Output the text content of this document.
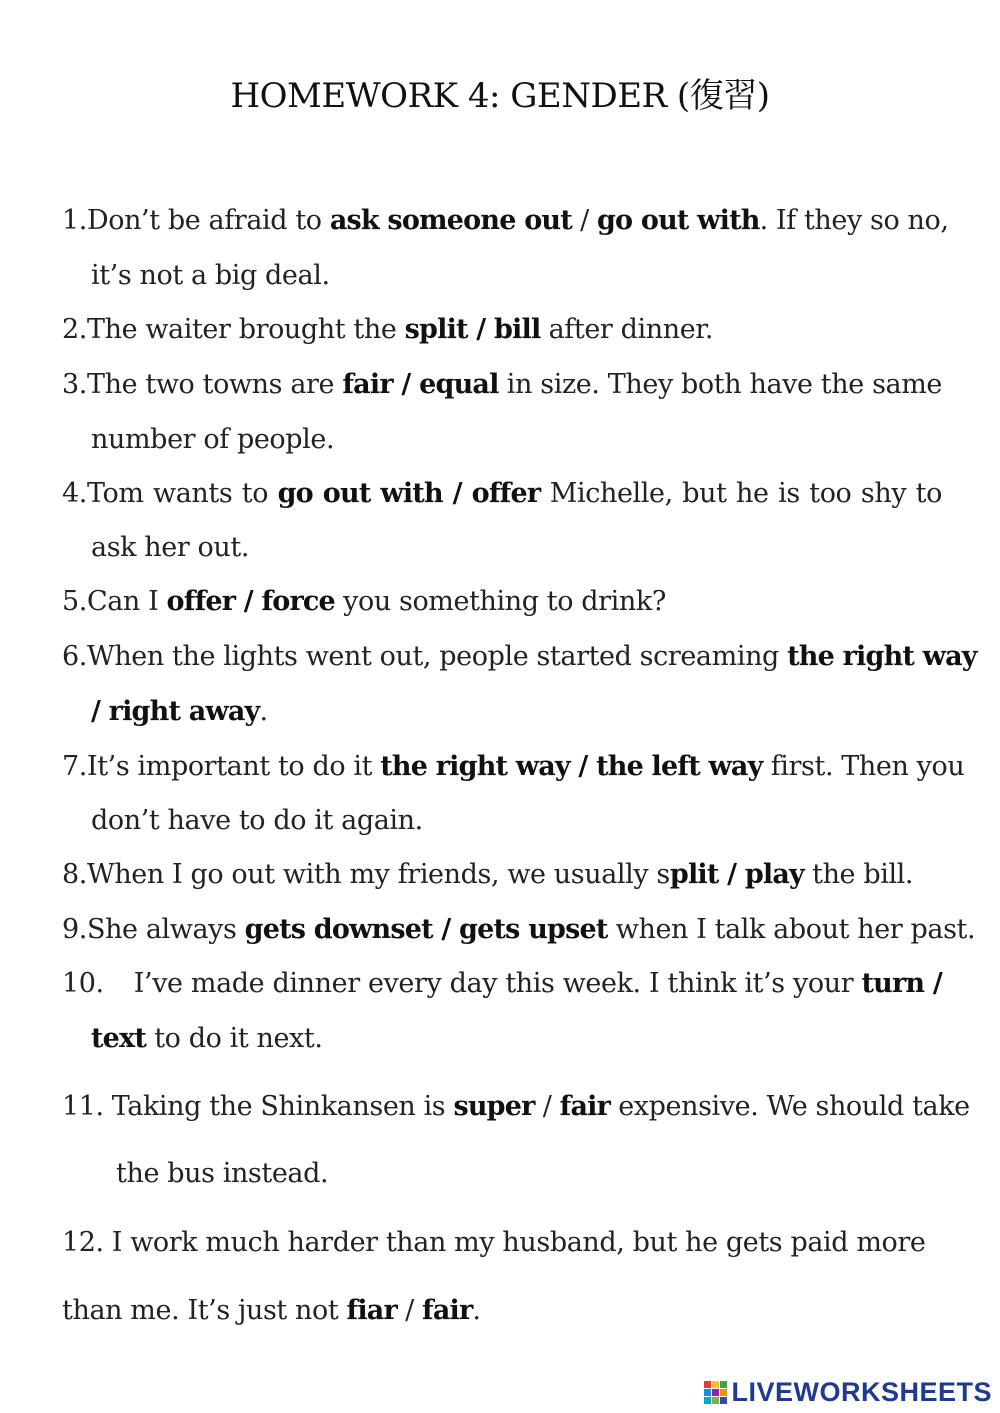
HOMEWORK 4: GENDER (復習)
1.Don’t be afraid to ask someone out / go out with. If they so no,
it’s not a big deal.
2.The waiter brought the split / bill after dinner.
3.The two towns are fair / equal in size. They both have the same
number of people.
4.Tom wants to go out with / offer Michelle, but he is too shy to
ask her out.
5.Can I offer / force you something to drink?
6.When the lights went out, people started screaming the right way
/ right away.
7.It’s important to do it the right way / the left way first. Then you
don’t have to do it again.
8.When I go out with my friends, we usually split / play the bill.
9.She always gets downset / gets upset when I talk about her past.
10. I’ve made dinner every day this week. I think it’s your turn /
text to do it next.
11. Taking the Shinkansen is super / fair expensive. We should take
the bus instead.
12. I work much harder than my husband, but he gets paid more
than me. It’s just not fiar / fair.
LIVEWORKSHEETS
